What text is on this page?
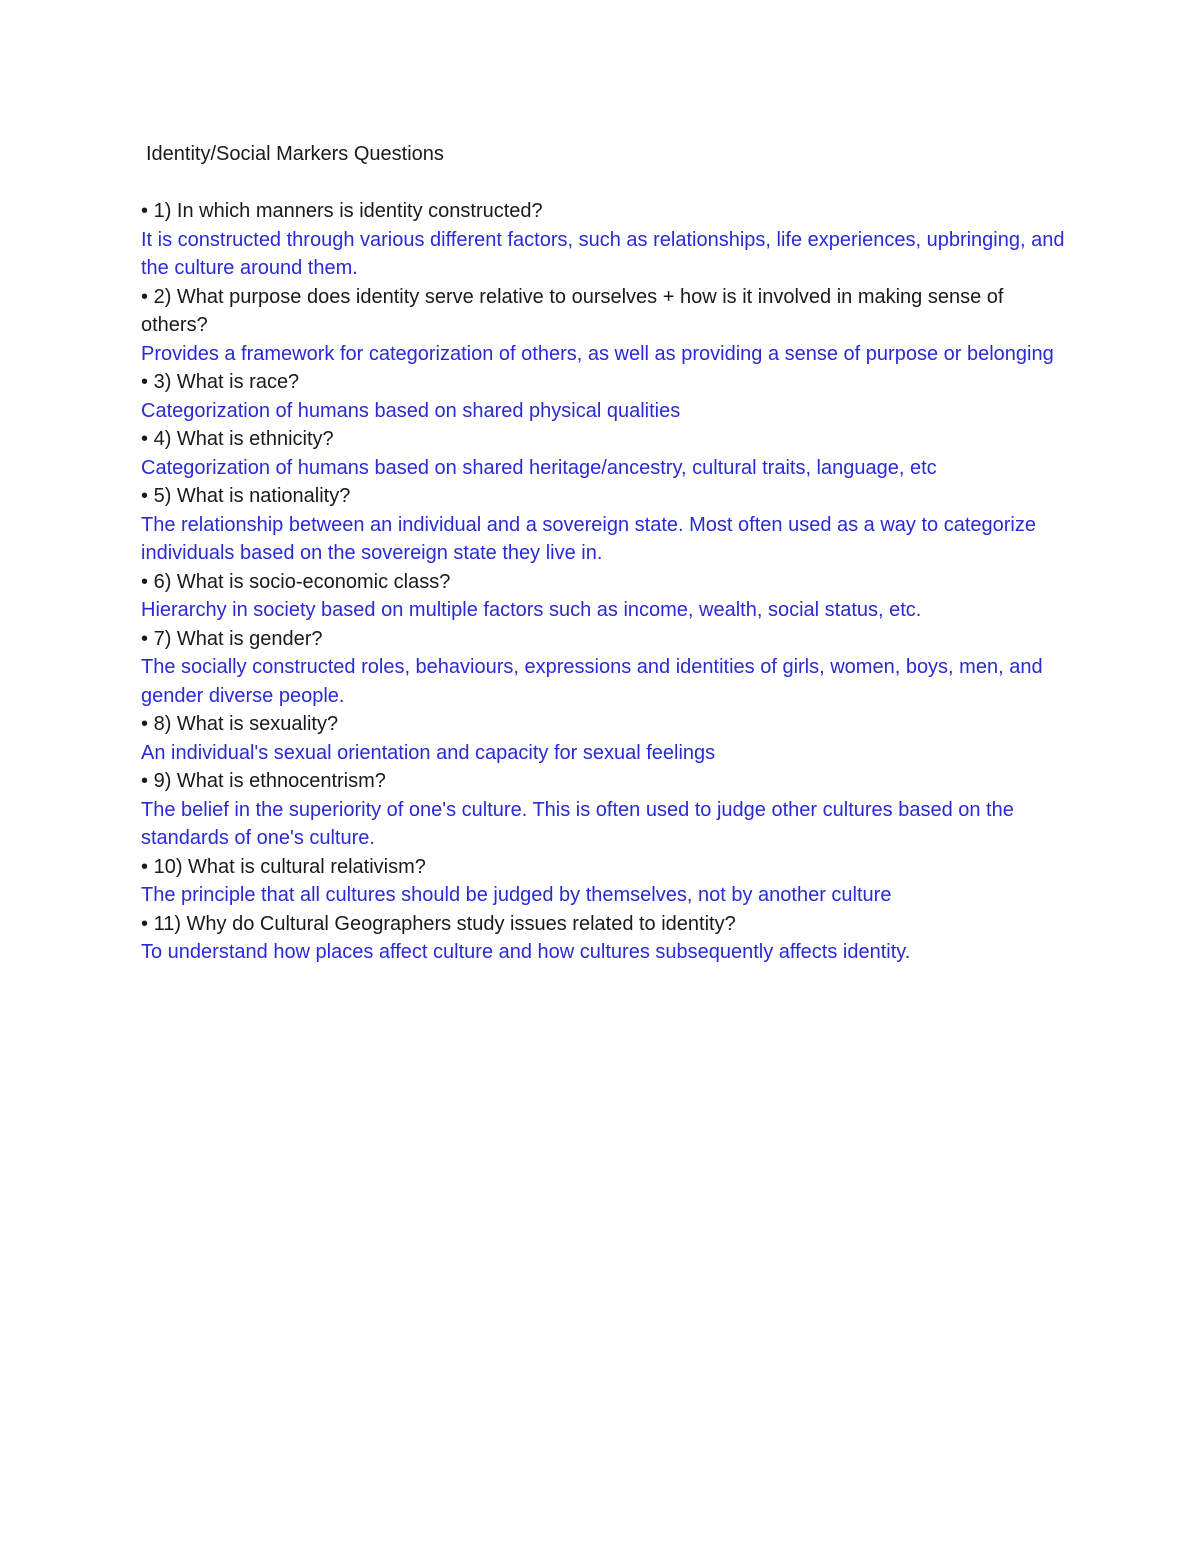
Identity/Social Markers Questions
• 1) In which manners is identity constructed?
It is constructed through various different factors, such as relationships, life experiences, upbringing, and the culture around them.
• 2) What purpose does identity serve relative to ourselves + how is it involved in making sense of others?
Provides a framework for categorization of others, as well as providing a sense of purpose or belonging
• 3) What is race?
Categorization of humans based on shared physical qualities
• 4) What is ethnicity?
Categorization of humans based on shared heritage/ancestry, cultural traits, language, etc
• 5) What is nationality?
The relationship between an individual and a sovereign state. Most often used as a way to categorize individuals based on the sovereign state they live in.
• 6) What is socio-economic class?
Hierarchy in society based on multiple factors such as income, wealth, social status, etc.
• 7) What is gender?
The socially constructed roles, behaviours, expressions and identities of girls, women, boys, men, and gender diverse people.
• 8) What is sexuality?
An individual's sexual orientation and capacity for sexual feelings
• 9) What is ethnocentrism?
The belief in the superiority of one's culture. This is often used to judge other cultures based on the standards of one's culture.
• 10) What is cultural relativism?
The principle that all cultures should be judged by themselves, not by another culture
• 11) Why do Cultural Geographers study issues related to identity?
To understand how places affect culture and how cultures subsequently affects identity.
